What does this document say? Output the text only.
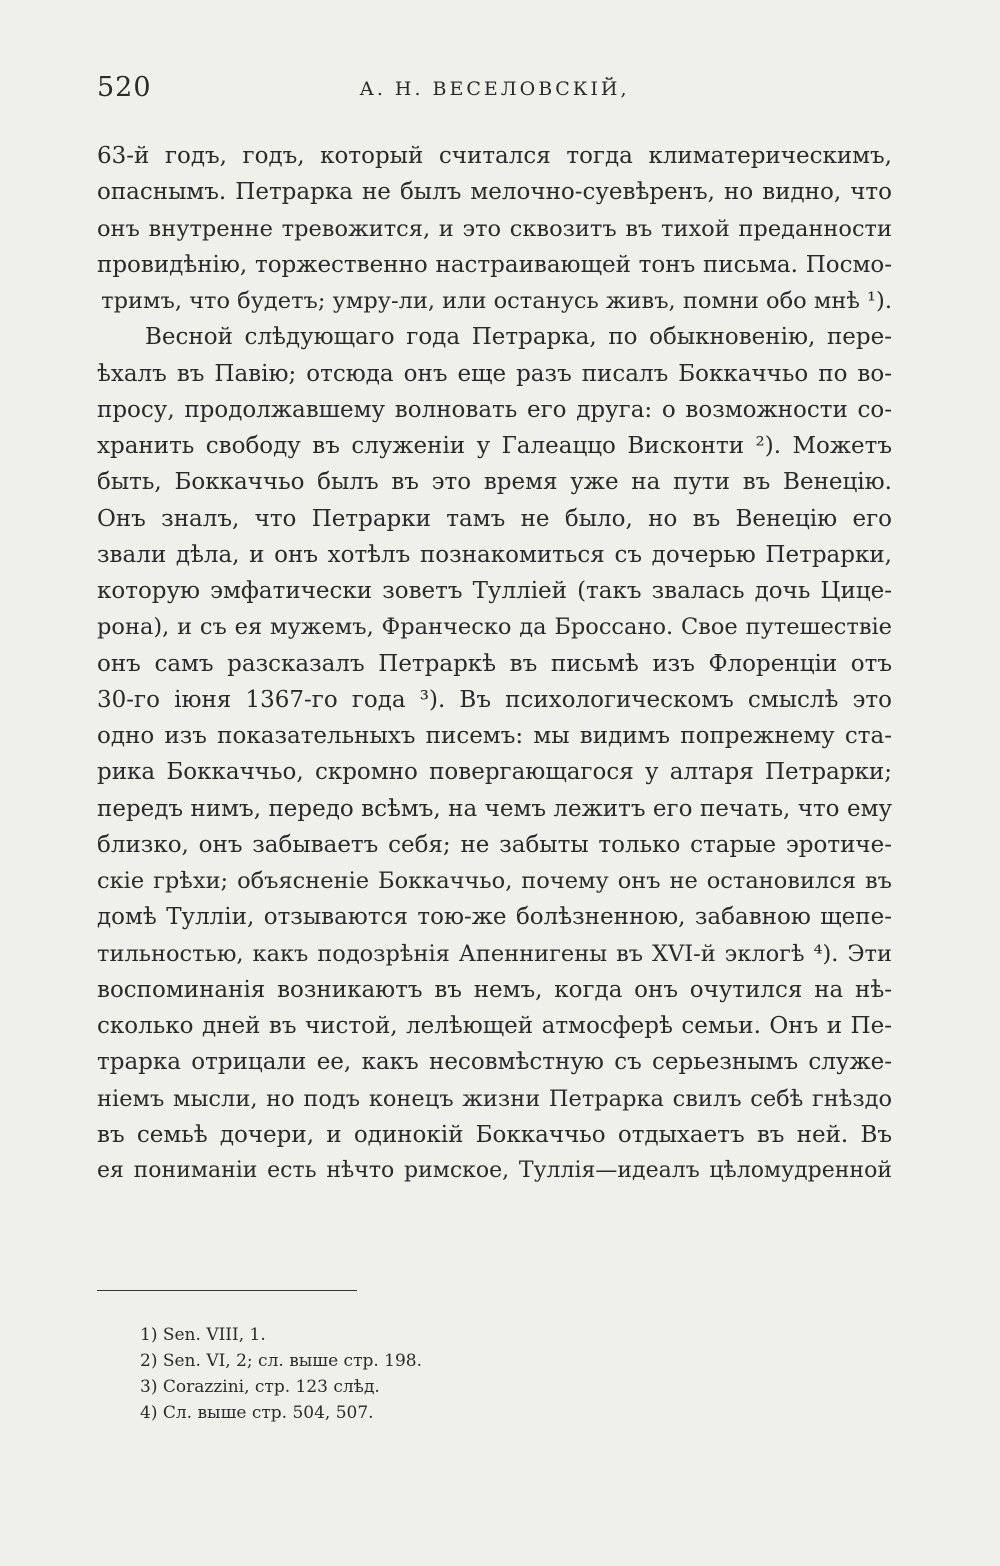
520	А. Н. ВЕСЕЛОВСКІЙ,
63-й годъ, годъ, который считался тогда климатерическимъ,
опаснымъ. Петрарка не былъ мелочно-суевѣренъ, но видно, что
онъ внутренне тревожится, и это сквозитъ въ тихой преданности
провидѣнію, торжественно настраивающей тонъ письма. Посмо-
тримъ, что будетъ; умру-ли, или останусь живъ, помни обо мнѣ ¹).
Весной слѣдующаго года Петрарка, по обыкновенію, пере-
ѣхалъ въ Павію; отсюда онъ еще разъ писалъ Боккаччьо по во-
просу, продолжавшему волновать его друга: о возможности со-
хранить свободу въ служеніи у Галеаццо Висконти ²). Можетъ
быть, Боккаччьо былъ въ это время уже на пути въ Венецію.
Онъ зналъ, что Петрарки тамъ не было, но въ Венецію его
звали дѣла, и онъ хотѣлъ познакомиться съ дочерью Петрарки,
которую эмфатически зоветъ Тулліей (такъ звалась дочь Цице-
рона), и съ ея мужемъ, Франческо да Броссано. Свое путешествіе
онъ самъ разсказалъ Петраркѣ въ письмѣ изъ Флоренціи отъ
30-го іюня 1367-го года ³). Въ психологическомъ смыслѣ это
одно изъ показательныхъ писемъ: мы видимъ попрежнему ста-
рика Боккаччьо, скромно повергающагося у алтаря Петрарки;
передъ нимъ, передо всѣмъ, на чемъ лежитъ его печать, что ему
близко, онъ забываетъ себя; не забыты только старые эротиче-
скіе грѣхи; объясненіе Боккаччьо, почему онъ не остановился въ
домѣ Тулліи, отзываются тою-же болѣзненною, забавною щепе-
тильностью, какъ подозрѣнія Апеннигены въ XVI-й эклогѣ ⁴). Эти
воспоминанія возникаютъ въ немъ, когда онъ очутился на нѣ-
сколько дней въ чистой, лелѣющей атмосферѣ семьи. Онъ и Пе-
трарка отрицали ее, какъ несовмѣстную съ серьезнымъ служе-
ніемъ мысли, но подъ конецъ жизни Петрарка свилъ себѣ гнѣздо
въ семьѣ дочери, и одинокій Боккаччьо отдыхаетъ въ ней. Въ
ея пониманіи есть нѣчто римское, Туллія—идеалъ цѣломудренной
1) Sen. VIII, 1.
2) Sen. VI, 2; сл. выше стр. 198.
3) Corazzini, стр. 123 слѣд.
4) Сл. выше стр. 504, 507.
